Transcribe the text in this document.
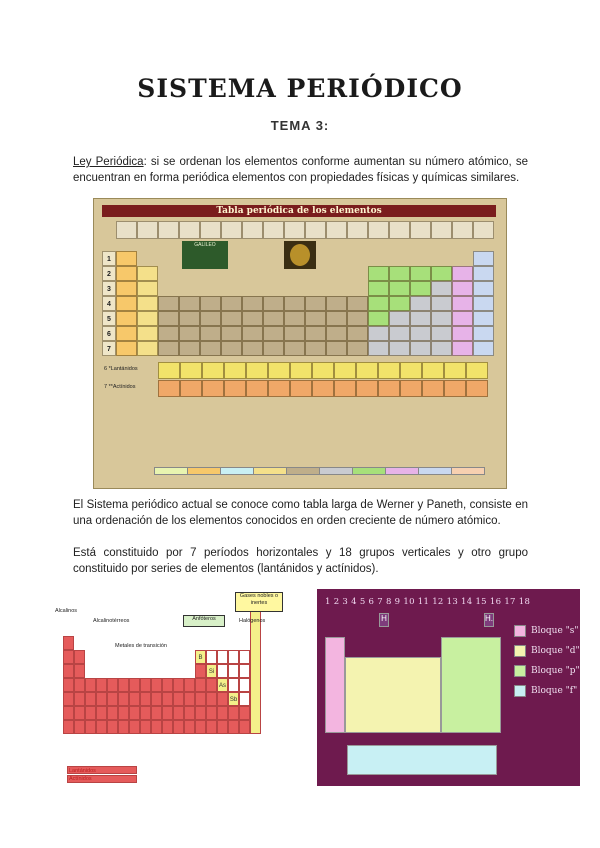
SISTEMA PERIÓDICO
TEMA 3:
Ley Periódica: si se ordenan los elementos conforme aumentan su número atómico, se encuentran en forma periódica elementos con propiedades físicas y químicas similares.
Tabla periódica de los elementos
GALILEO
1
2
3
4
5
6
7
6 *Lantánidos
7 **Actínidos
El Sistema periódico actual se conoce como tabla larga de Werner y Paneth, consiste en una ordenación de los elementos conocidos en orden creciente de número atómico.
Está constituido por 7 períodos horizontales y 18 grupos verticales y otro grupo constituido por series de elementos (lantánidos y actínidos).
B
Si
As
Sb
Alcalinos
Alcalinotérreos
Metales de transición
Anfóteros	Halógenos
Gases nobles o inertes
Lantánidos
Actínidos
1 2 3 4 5 6 7 8 9 10 11 12 13 14 15 16 17 18
H	H.
Bloque "s"
Bloque "d"
Bloque "p"
Bloque "f"
